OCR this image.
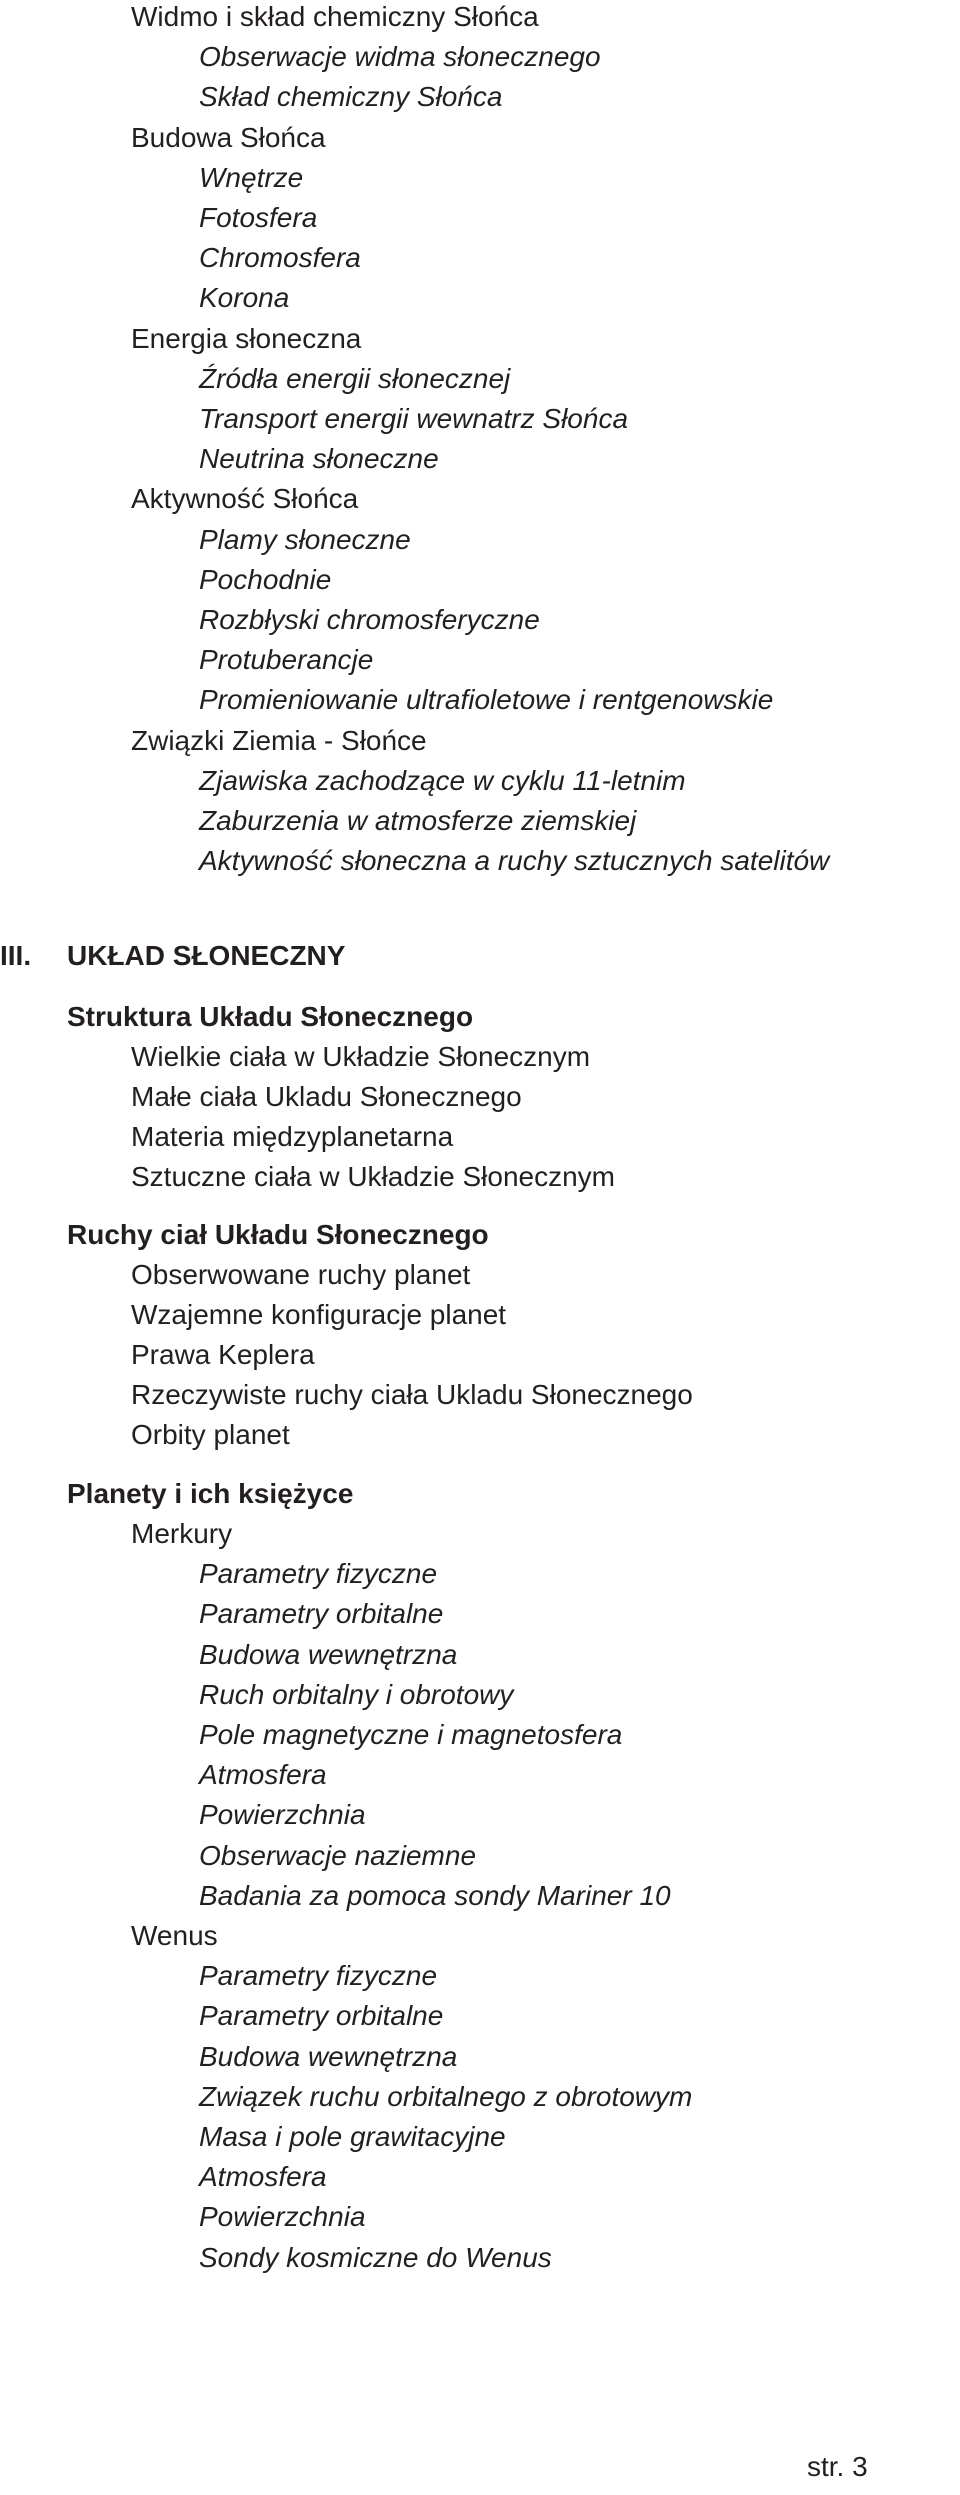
Widmo i skład chemiczny Słońca
Obserwacje widma słonecznego
Skład chemiczny Słońca
Budowa Słońca
Wnętrze
Fotosfera
Chromosfera
Korona
Energia słoneczna
Źródła energii słonecznej
Transport energii wewnatrz Słońca
Neutrina słoneczne
Aktywność Słońca
Plamy słoneczne
Pochodnie
Rozbłyski chromosferyczne
Protuberancje
Promieniowanie ultrafioletowe i rentgenowskie
Związki Ziemia - Słońce
Zjawiska zachodzące w cyklu 11-letnim
Zaburzenia w atmosferze ziemskiej
Aktywność słoneczna a ruchy sztucznych satelitów
III. UKŁAD SŁONECZNY
Struktura Układu Słonecznego
Wielkie ciała w Układzie Słonecznym
Małe ciała Ukladu Słonecznego
Materia międzyplanetarna
Sztuczne ciała w Układzie Słonecznym
Ruchy ciał Układu Słonecznego
Obserwowane ruchy planet
Wzajemne konfiguracje planet
Prawa Keplera
Rzeczywiste ruchy ciała Ukladu Słonecznego
Orbity planet
Planety i ich księżyce
Merkury
Parametry fizyczne
Parametry orbitalne
Budowa wewnętrzna
Ruch orbitalny i obrotowy
Pole magnetyczne i magnetosfera
Atmosfera
Powierzchnia
Obserwacje naziemne
Badania za pomoca sondy Mariner 10
Wenus
Parametry fizyczne
Parametry orbitalne
Budowa wewnętrzna
Związek ruchu orbitalnego z obrotowym
Masa i pole grawitacyjne
Atmosfera
Powierzchnia
Sondy kosmiczne do Wenus
str. 3
